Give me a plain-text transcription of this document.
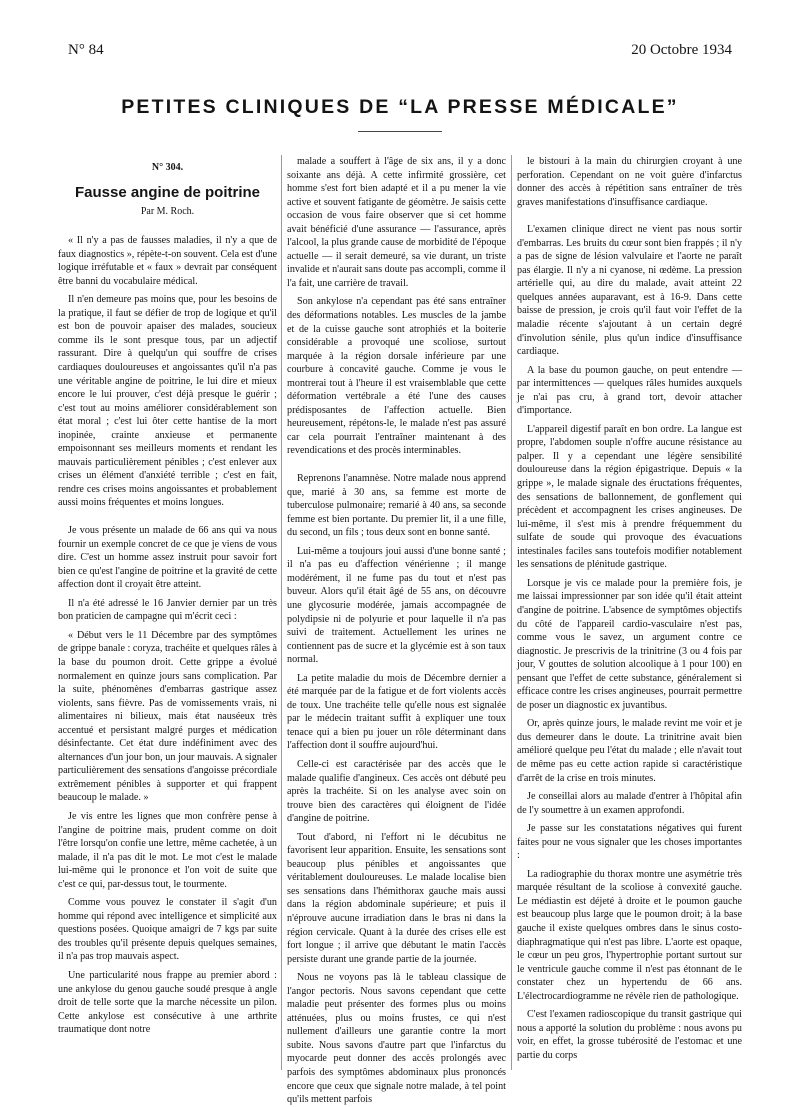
N° 84	20 Octobre 1934
PETITES CLINIQUES DE “LA PRESSE MÉDICALE”
N° 304.
Fausse angine de poitrine
Par M. Roch.

« Il n'y a pas de fausses maladies, il n'y a que de faux diagnostics », répète-t-on souvent. Cela est d'une logique irréfutable et « faux » devrait par conséquent être banni du vocabulaire médical.

Il n'en demeure pas moins que, pour les besoins de la pratique, il faut se défier de trop de logique et qu'il est bon de pouvoir apaiser des malades, soucieux comme ils le sont presque tous, par un adjectif rassurant. Dire à quelqu'un qui souffre de crises cardiaques douloureuses et angoissantes qu'il n'a pas une véritable angine de poitrine, le lui dire et mieux encore le lui prouver, c'est déjà presque le guérir ; c'est tout au moins améliorer considérablement son état moral ; c'est lui ôter cette hantise de la mort inopinée, crainte anxieuse et permanente empoisonnant ses meilleurs moments et rendant les mauvais particulièrement pénibles ; c'est enlever aux crises un élément d'anxiété terrible ; c'est en fait, rendre ces crises moins angoissantes et probablement aussi moins fréquentes et moins longues.

Je vous présente un malade de 66 ans qui va nous fournir un exemple concret de ce que je viens de vous dire. C'est un homme assez instruit pour savoir fort bien ce qu'est l'angine de poitrine et la gravité de cette affection dont il croyait être atteint.

Il n'a été adressé le 16 Janvier dernier par un très bon praticien de campagne qui m'écrit ceci :

« Début vers le 11 Décembre par des symptômes de grippe banale : coryza, trachéite et quelques râles à la base du poumon droit. Cette grippe a évolué normalement en quinze jours sans complication. Par la suite, phénomènes d'embarras gastrique assez violents, sans fièvre. Pas de vomissements vrais, ni alimentaires ni bilieux, mais état nauséeux très accentué et persistant malgré purges et médication désinfectante. Cet état dure indéfiniment avec des alternances d'un jour bon, un jour mauvais. A signaler particulièrement des sensations d'angoisse précordiale extrêmement pénibles à supporter et qui frappent beaucoup le malade. »

Je vis entre les lignes que mon confrère pense à l'angine de poitrine mais, prudent comme on doit l'être lorsqu'on confie une lettre, même cachetée, à un malade, il n'a pas dit le mot. Le mot c'est le malade lui-même qui le prononce et l'on voit de suite que c'est ce qui, par-dessus tout, le tourmente.

Comme vous pouvez le constater il s'agit d'un homme qui répond avec intelligence et simplicité aux questions posées. Quoique amaigri de 7 kgs par suite des troubles qu'il présente depuis quelques semaines, il n'a pas trop mauvais aspect.

Une particularité nous frappe au premier abord : une ankylose du genou gauche soudé presque à angle droit de telle sorte que la marche nécessite un pilon. Cette ankylose est consécutive à une arthrite traumatique dont notre

malade a souffert à l'âge de six ans, il y a donc soixante ans déjà. A cette infirmité grossière, cet homme s'est fort bien adapté et il a pu mener la vie active et souvent fatigante de géomètre. Je saisis cette occasion de vous faire observer que si cet homme avait bénéficié d'une assurance — l'assurance, après l'alcool, la plus grande cause de morbidité de l'époque actuelle — il serait demeuré, sa vie durant, un triste invalide et n'aurait sans doute pas accompli, comme il l'a fait, une carrière de travail.

Son ankylose n'a cependant pas été sans entraîner des déformations notables. Les muscles de la jambe et de la cuisse gauche sont atrophiés et la boiterie considérable a provoqué une scoliose, surtout marquée à la région dorsale inférieure par une courbure à concavité gauche. Comme je vous le montrerai tout à l'heure il est vraisemblable que cette déformation vertébrale a été l'une des causes prédisposantes de l'affection actuelle. Bien heureusement, répétons-le, le malade n'est pas assuré car cela pourrait l'entraîner maintenant à des revendications et des procès interminables.

Reprenons l'anamnèse. Notre malade nous apprend que, marié à 30 ans, sa femme est morte de tuberculose pulmonaire; remarié à 40 ans, sa seconde femme est bien portante. Du premier lit, il a une fille, du second, un fils ; tous deux sont en bonne santé.

Lui-même a toujours joui aussi d'une bonne santé ; il n'a pas eu d'affection vénérienne ; il mange modérément, il ne fume pas du tout et n'est pas buveur. Alors qu'il était âgé de 55 ans, on découvre une glycosurie modérée, jamais accompagnée de polydipsie ni de polyurie et pour laquelle il n'a pas suivi de traitement. Actuellement les urines ne contiennent pas de sucre et la glycémie est à son taux normal.

La petite maladie du mois de Décembre dernier a été marquée par de la fatigue et de fort violents accès de toux. Une trachéite telle qu'elle nous est signalée par le médecin traitant suffit à expliquer une toux tenace qui a bien pu jouer un rôle déterminant dans l'affection dont il souffre aujourd'hui.

Celle-ci est caractérisée par des accès que le malade qualifie d'angineux. Ces accès ont débuté peu après la trachéite. Si on les analyse avec soin on trouve bien des caractères qui éloignent de l'idée d'angine de poitrine.

Tout d'abord, ni l'effort ni le décubitus ne favorisent leur apparition. Ensuite, les sensations sont beaucoup plus pénibles et angoissantes que véritablement douloureuses. Le malade localise bien ses sensations dans l'hémithorax gauche mais aussi dans la région abdominale supérieure; et puis il n'éprouve aucune irradiation dans le bras ni dans la région cervicale. Quant à la durée des crises elle est fort longue ; il arrive que débutant le matin l'accès persiste durant une grande partie de la journée.

Nous ne voyons pas là le tableau classique de l'angor pectoris. Nous savons cependant que cette maladie peut présenter des formes plus ou moins atténuées, plus ou moins frustes, ce qui n'est nullement d'ailleurs une garantie contre la mort subite. Nous savons d'autre part que l'infarctus du myocarde peut donner des accès prolongés avec parfois des symptômes abdominaux plus prononcés encore que ceux que signale notre malade, à tel point qu'ils mettent parfois

le bistouri à la main du chirurgien croyant à une perforation. Cependant on ne voit guère d'infarctus donner des accès à répétition sans entraîner de très graves manifestations d'insuffisance cardiaque.

L'examen clinique direct ne vient pas nous sortir d'embarras. Les bruits du cœur sont bien frappés ; il n'y a pas de signe de lésion valvulaire et l'aorte ne paraît pas élargie. Il n'y a ni cyanose, ni œdème. La pression artérielle qui, au dire du malade, avait atteint 22 quelques années auparavant, est à 16-9. Dans cette baisse de pression, je crois qu'il faut voir l'effet de la maladie récente s'ajoutant à un certain degré d'involution sénile, plus qu'un indice d'insuffisance cardiaque.

A la base du poumon gauche, on peut entendre — par intermittences — quelques râles humides auxquels je n'ai pas cru, à grand tort, devoir attacher d'importance.

L'appareil digestif paraît en bon ordre. La langue est propre, l'abdomen souple n'offre aucune résistance au palper. Il y a cependant une légère sensibilité douloureuse dans la région épigastrique. Depuis « la grippe », le malade signale des éructations fréquentes, des sensations de ballonnement, de gonflement qui précèdent et accompagnent les crises angineuses. De lui-même, il s'est mis à prendre fréquemment du sulfate de soude qui provoque des évacuations intestinales faciles sans toutefois modifier notablement les sensations de plénitude gastrique.

Lorsque je vis ce malade pour la première fois, je me laissai impressionner par son idée qu'il était atteint d'angine de poitrine. L'absence de symptômes objectifs du côté de l'appareil cardio-vasculaire n'est pas, comme vous le savez, un argument contre ce diagnostic. Je prescrivis de la trinitrine (3 ou 4 fois par jour, V gouttes de solution alcoolique à 1 pour 100) en pensant que l'effet de cette substance, généralement si efficace contre les crises angineuses, pourrait permettre de poser un diagnostic ex juvantibus.

Or, après quinze jours, le malade revint me voir et je dus demeurer dans le doute. La trinitrine avait bien amélioré quelque peu l'état du malade ; elle n'avait tout de même pas eu cette action rapide si caractéristique d'arrêt de la crise en trois minutes.

Je conseillai alors au malade d'entrer à l'hôpital afin de l'y soumettre à un examen approfondi.

Je passe sur les constatations négatives qui furent faites pour ne vous signaler que les choses importantes :

La radiographie du thorax montre une asymétrie très marquée résultant de la scoliose à convexité gauche. Le médiastin est déjeté à droite et le poumon gauche est beaucoup plus large que le poumon droit; à la base gauche il existe quelques ombres dans le sinus costo-diaphragmatique qui n'est pas libre. L'aorte est opaque, le cœur un peu gros, l'hypertrophie portant surtout sur le ventricule gauche comme il n'est pas étonnant de le constater chez un hypertendu de 66 ans. L'électrocardiogramme ne révèle rien de pathologique.

C'est l'examen radioscopique du transit gastrique qui nous a apporté la solution du problème : nous avons pu voir, en effet, la grosse tubérosité de l'estomac et une partie du corps
